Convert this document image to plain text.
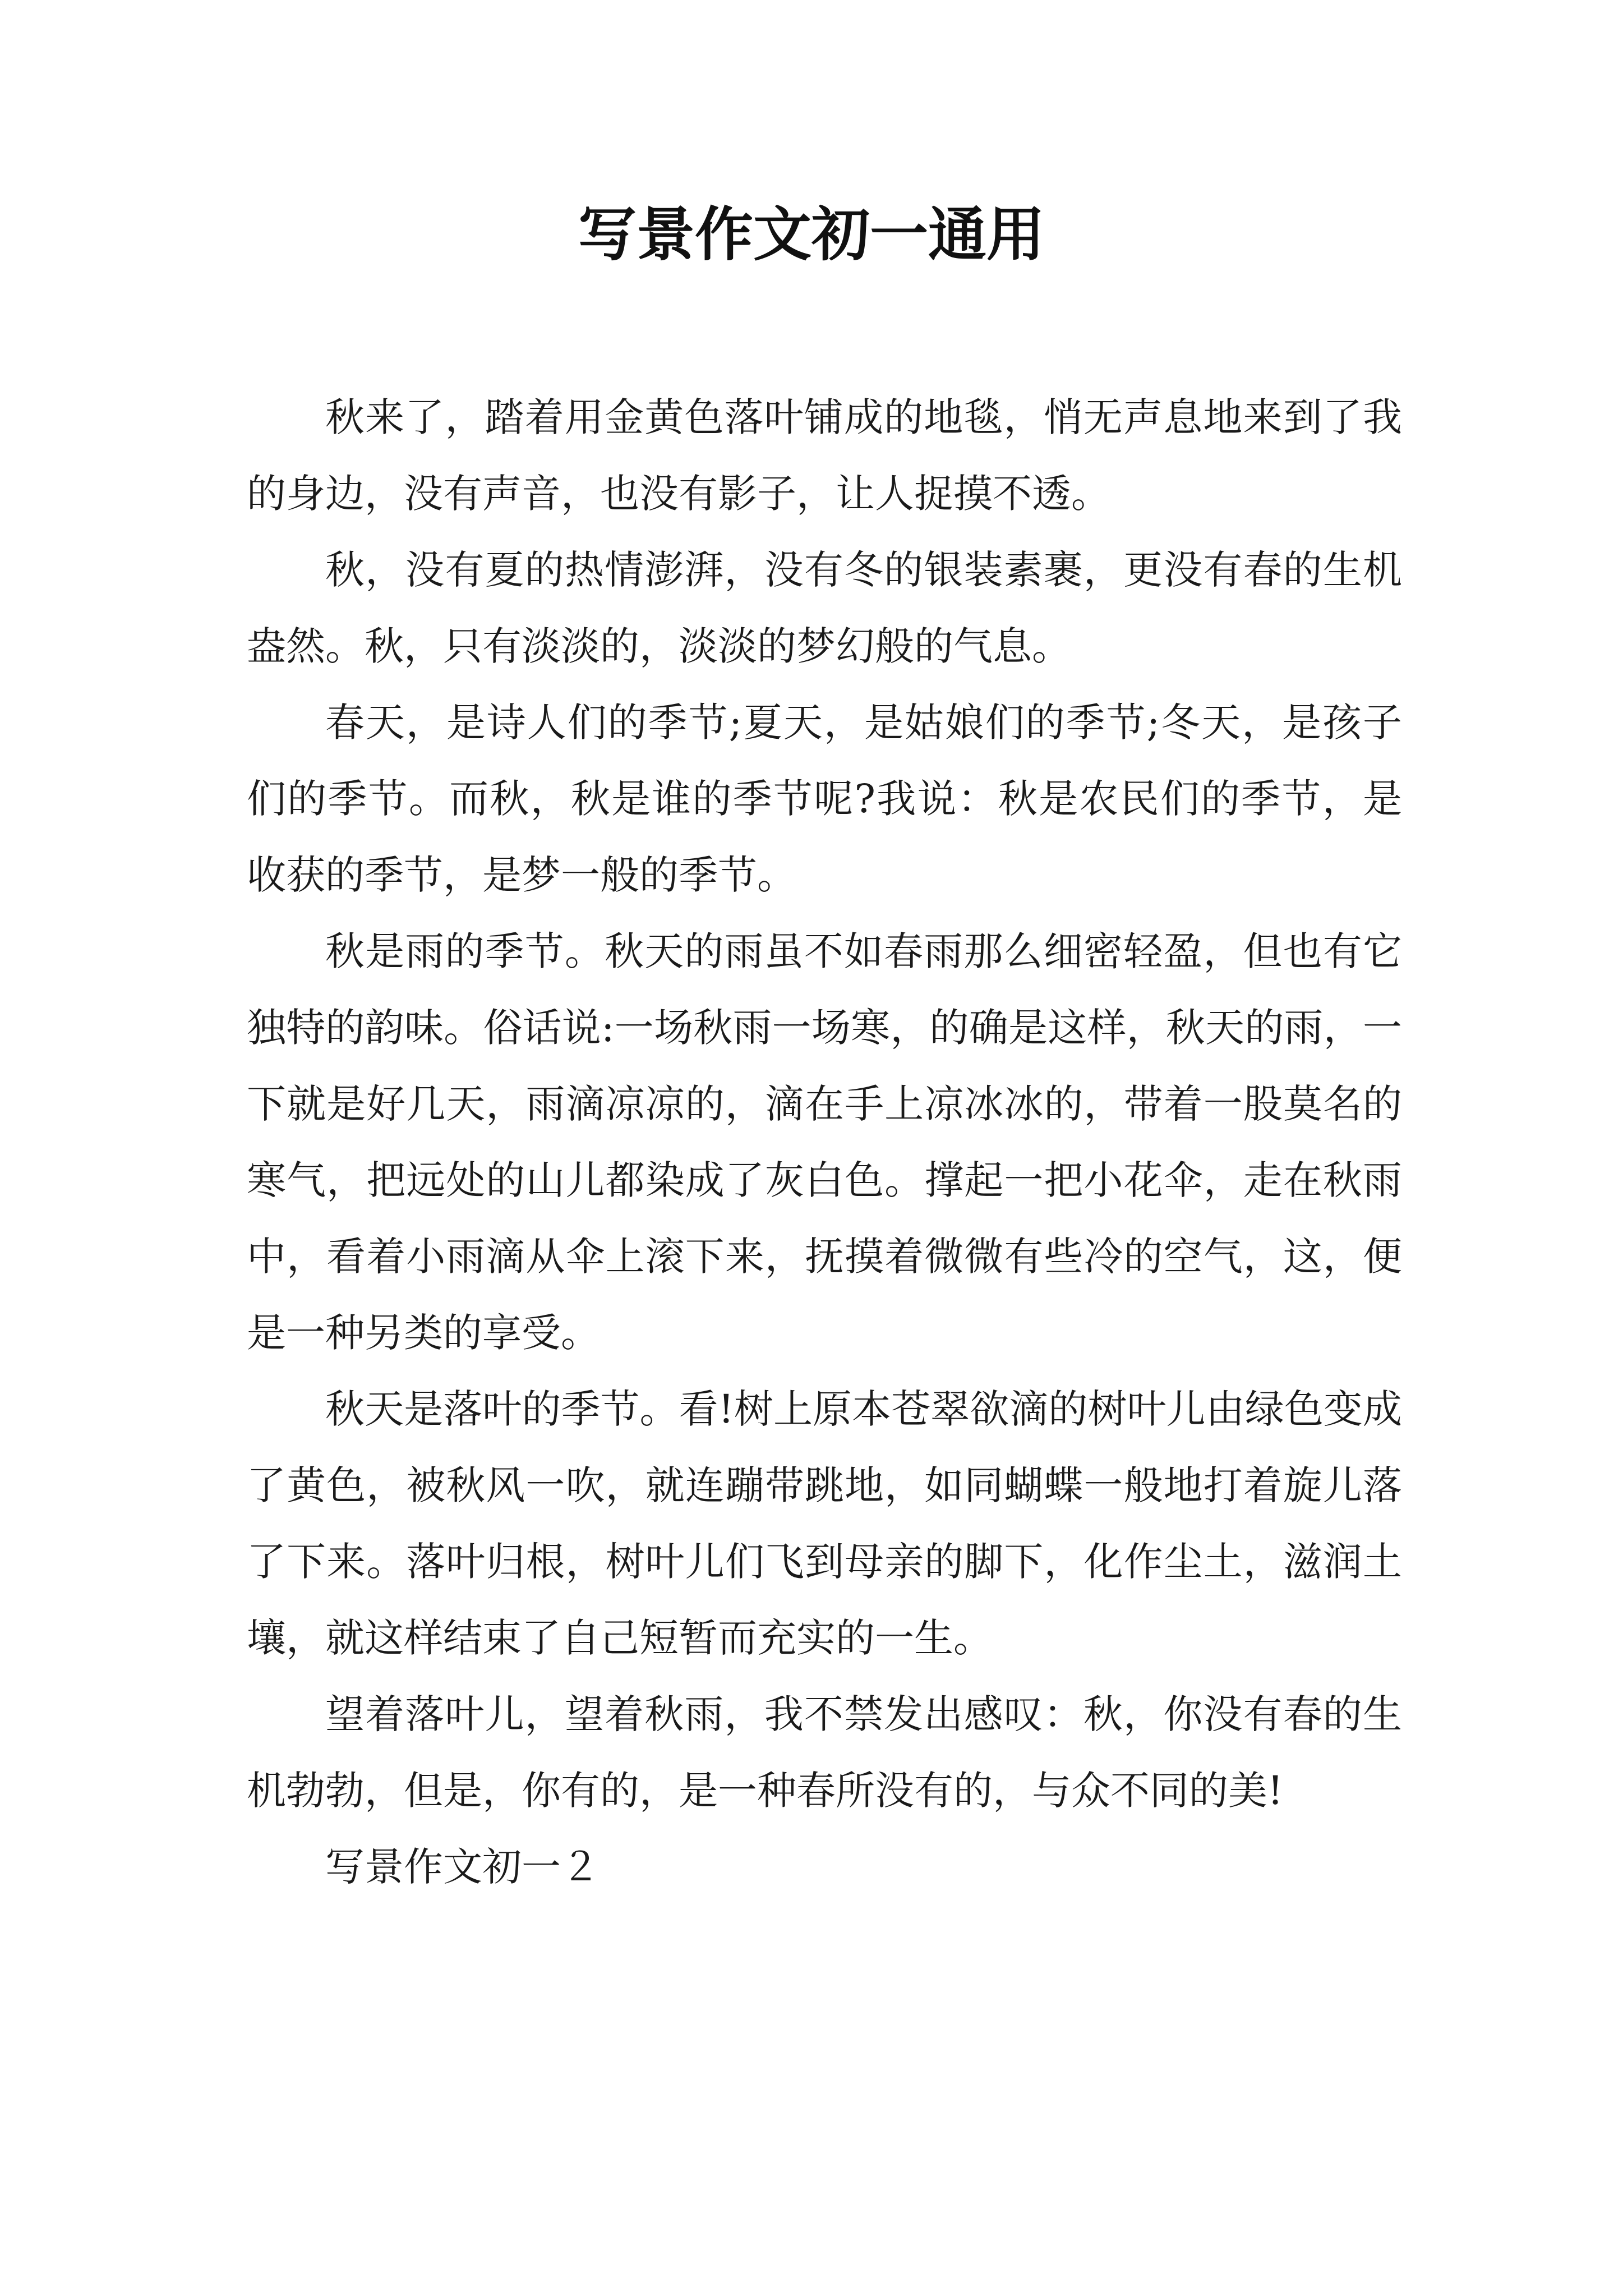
写景作文初一通用

秋来了，踏着用金黄色落叶铺成的地毯，悄无声息地来到了我的身边，没有声音，也没有影子，让人捉摸不透。

秋，没有夏的热情澎湃，没有冬的银装素裹，更没有春的生机盎然。秋，只有淡淡的，淡淡的梦幻般的气息。

春天，是诗人们的季节;夏天，是姑娘们的季节;冬天，是孩子们的季节。而秋，秋是谁的季节呢?我说：秋是农民们的季节，是收获的季节，是梦一般的季节。

秋是雨的季节。秋天的雨虽不如春雨那么细密轻盈，但也有它独特的韵味。俗话说:一场秋雨一场寒，的确是这样，秋天的雨，一下就是好几天，雨滴凉凉的，滴在手上凉冰冰的，带着一股莫名的寒气，把远处的山儿都染成了灰白色。撑起一把小花伞，走在秋雨中，看着小雨滴从伞上滚下来，抚摸着微微有些冷的空气，这，便是一种另类的享受。

秋天是落叶的季节。看!树上原本苍翠欲滴的树叶儿由绿色变成了黄色，被秋风一吹，就连蹦带跳地，如同蝴蝶一般地打着旋儿落了下来。落叶归根，树叶儿们飞到母亲的脚下，化作尘土，滋润土壤，就这样结束了自己短暂而充实的一生。

望着落叶儿，望着秋雨，我不禁发出感叹：秋，你没有春的生机勃勃，但是，你有的，是一种春所没有的，与众不同的美!

写景作文初一２
